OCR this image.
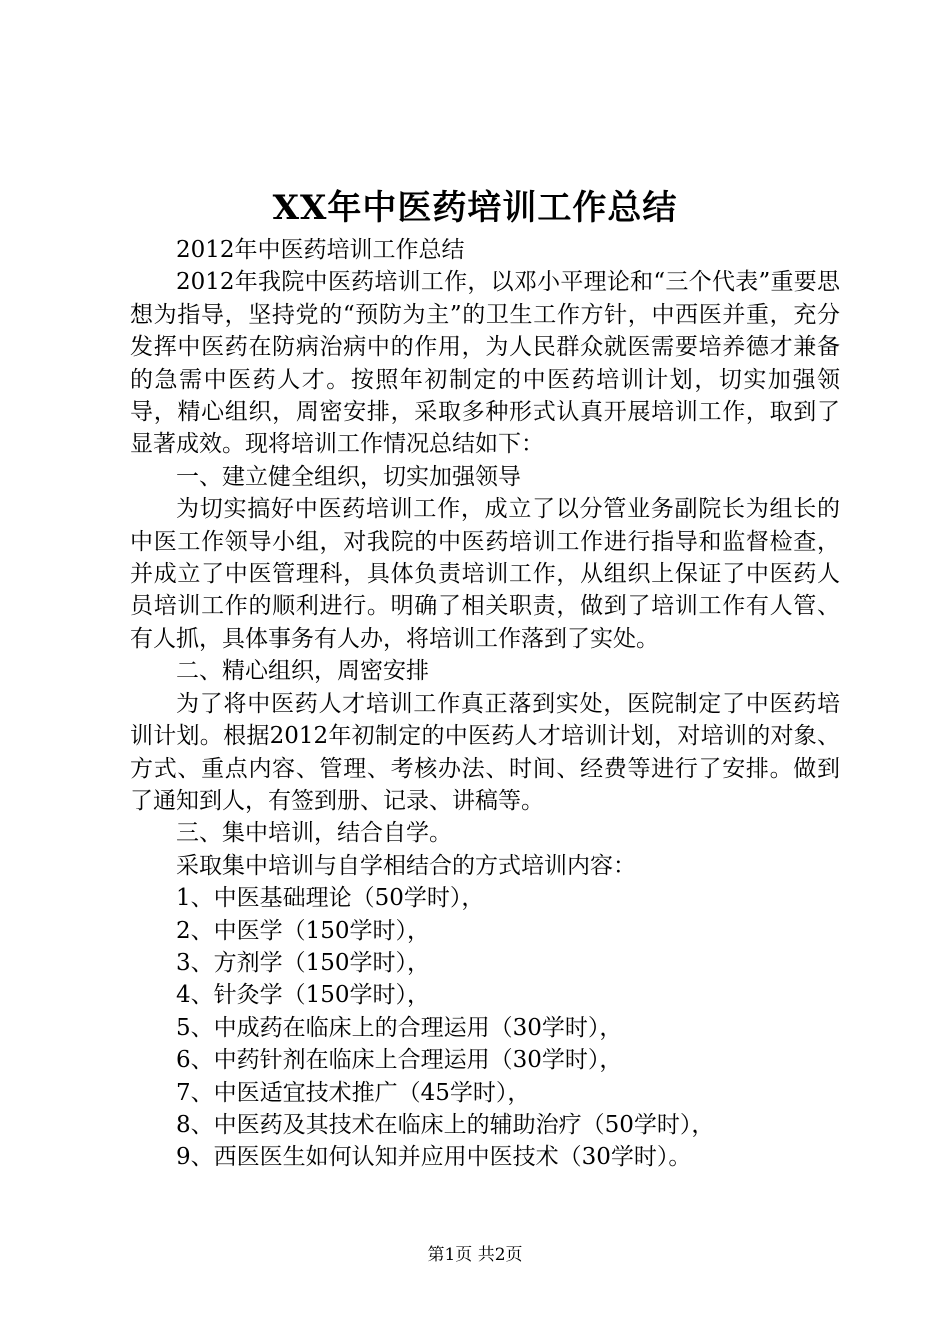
XX年中医药培训工作总结

2012年中医药培训工作总结

2012年我院中医药培训工作，以邓小平理论和“三个代表”重要思想为指导，坚持党的“预防为主”的卫生工作方针，中西医并重，充分发挥中医药在防病治病中的作用，为人民群众就医需要培养德才兼备的急需中医药人才。按照年初制定的中医药培训计划，切实加强领导，精心组织，周密安排，采取多种形式认真开展培训工作，取到了显著成效。现将培训工作情况总结如下：

一、建立健全组织，切实加强领导

为切实搞好中医药培训工作，成立了以分管业务副院长为组长的中医工作领导小组，对我院的中医药培训工作进行指导和监督检查，并成立了中医管理科，具体负责培训工作，从组织上保证了中医药人员培训工作的顺利进行。明确了相关职责，做到了培训工作有人管、有人抓，具体事务有人办，将培训工作落到了实处。

二、精心组织，周密安排

为了将中医药人才培训工作真正落到实处，医院制定了中医药培训计划。根据2012年初制定的中医药人才培训计划，对培训的对象、方式、重点内容、管理、考核办法、时间、经费等进行了安排。做到了通知到人，有签到册、记录、讲稿等。

三、集中培训，结合自学。

采取集中培训与自学相结合的方式培训内容：

1、中医基础理论（50学时），

2、中医学（150学时），

3、方剂学（150学时），

4、针灸学（150学时），

5、中成药在临床上的合理运用（30学时），

6、中药针剂在临床上合理运用（30学时），

7、中医适宜技术推广（45学时），

8、中医药及其技术在临床上的辅助治疗（50学时），

9、西医医生如何认知并应用中医技术（30学时）。

第1页 共2页
